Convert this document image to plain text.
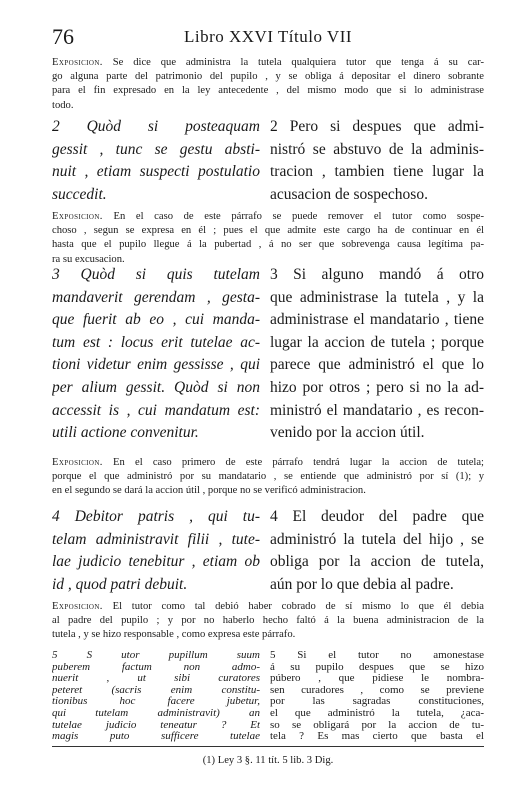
76	Libro XXVI Título VII
Exposicion. Se dice que administra la tutela qualquiera tutor que tenga á su car-
go alguna parte del patrimonio del pupilo , y se obliga á depositar el dinero sobrante
para el fin expresado en la ley antecedente , del mismo modo que si lo administrase
todo.
2 Quòd si posteaquam
gessit , tunc se gestu absti-
nuit , etiam suspecti postulatio
succedit.
2 Pero si despues que admi-
nistró se abstuvo de la adminis-
tracion , tambien tiene lugar la
acusacion de sospechoso.
Exposicion. En el caso de este párrafo se puede remover el tutor como sospe-
choso , segun se expresa en él ; pues el que admite este cargo ha de continuar en él
hasta que el pupilo llegue á la pubertad , á no ser que sobrevenga causa legítima pa-
ra su excusacion.
3 Quòd si quis tutelam
mandaverit gerendam , gesta-
que fuerit ab eo , cui manda-
tum est : locus erit tutelae ac-
tioni videtur enim gessisse , qui
per alium gessit. Quòd si non
accessit is , cui mandatum est:
utili actione convenitur.
3 Si alguno mandó á otro
que administrase la tutela , y la
administrase el mandatario , tiene
lugar la accion de tutela ; porque
parece que administró el que lo
hizo por otros ; pero si no la ad-
ministró el mandatario , es recon-
venido por la accion útil.
Exposicion. En el caso primero de este párrafo tendrá lugar la accion de tutela;
porque el que administró por su mandatario , se entiende que administró por sí (1); y
en el segundo se dará la accion útil , porque no se verificó administracion.
4 Debitor patris , qui tu-
telam administravit filii , tute-
lae judicio tenebitur , etiam ob
id , quod patri debuit.
4 El deudor del padre que
administró la tutela del hijo , se
obliga por la accion de tutela,
aún por lo que debia al padre.
Exposicion. El tutor como tal debió haber cobrado de sí mismo lo que él debia
al padre del pupilo ; y por no haberlo hecho faltó á la buena administracion de la
tutela , y se hizo responsable , como expresa este párrafo.
5 S utor pupillum suum
puberem factum non admo-
nuerit , ut sibi curatores
peteret (sacris enim constitu-
tionibus hoc facere jubetur,
qui tutelam administravit) an
tutelae judicio teneatur ? Et
magis puto sufficere tutelae
5 Si el tutor no amonestase
á su pupilo despues que se hizo
púbero , que pidiese le nombra-
sen curadores , como se previene
por las sagradas constituciones,
el que administró la tutela, ¿aca-
so se obligará por la accion de tu-
tela ? Es mas cierto que basta el
(1) Ley 3 §. 11 tít. 5 lib. 3 Dig.
